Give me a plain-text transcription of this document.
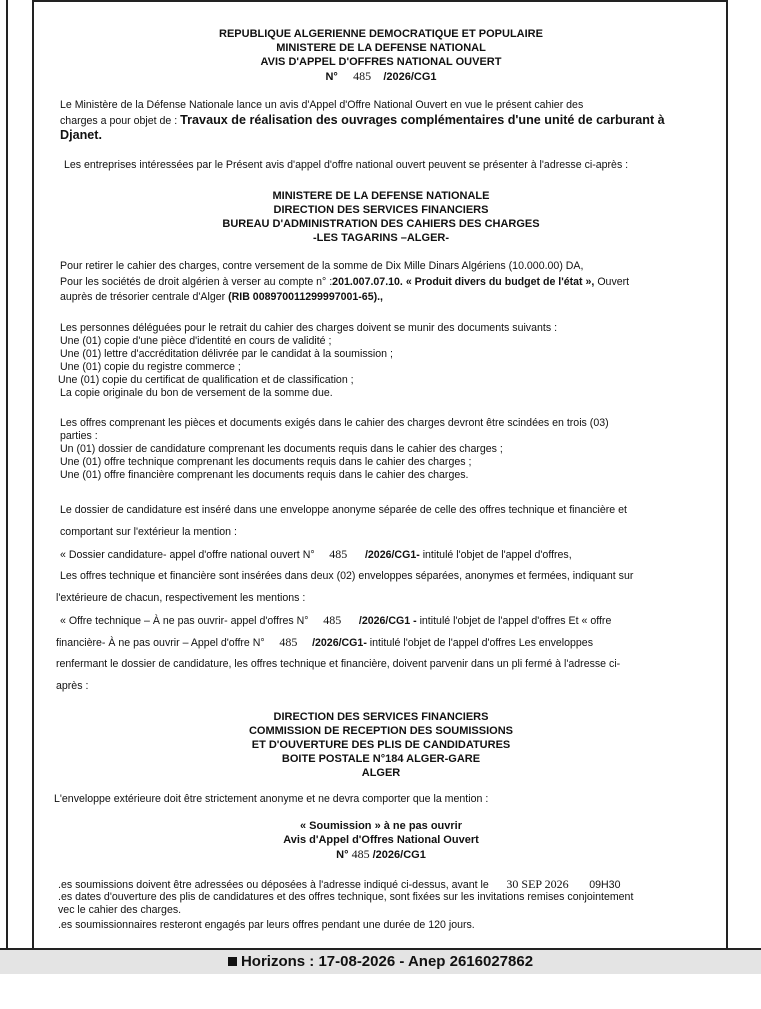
REPUBLIQUE ALGERIENNE DEMOCRATIQUE ET POPULAIRE
MINISTERE DE LA DEFENSE NATIONAL
AVIS D'APPEL D'OFFRES NATIONAL OUVERT
N° 485 /2026/CG1
Le Ministère de la Défense Nationale lance un avis d'Appel d'Offre National Ouvert en vue le présent cahier des
charges a pour objet de : Travaux de réalisation des ouvrages complémentaires d'une unité de carburant à
Djanet.
Les entreprises intéressées par le Présent avis d'appel d'offre national ouvert peuvent se présenter à l'adresse ci-après :
MINISTERE DE LA DEFENSE NATIONALE
DIRECTION DES SERVICES FINANCIERS
BUREAU D'ADMINISTRATION DES CAHIERS DES CHARGES
-LES TAGARINS –ALGER-
Pour retirer le cahier des charges, contre versement de la somme de Dix Mille Dinars Algériens (10.000.00) DA,
Pour les sociétés de droit algérien à verser au compte n° :201.007.07.10. « Produit divers du budget de l'état », Ouvert
auprès de trésorier centrale d'Alger (RIB 008970011299997001-65).,
Les personnes déléguées pour le retrait du cahier des charges doivent se munir des documents suivants :
Une (01) copie d'une pièce d'identité en cours de validité ;
Une (01) lettre d'accréditation délivrée par le candidat à la soumission ;
Une (01) copie du registre commerce ;
Une (01) copie du certificat de qualification et de classification ;
La copie originale du bon de versement de la somme due.
Les offres comprenant les pièces et documents exigés dans le cahier des charges devront être scindées en trois (03)
parties :
Un (01) dossier de candidature comprenant les documents requis dans le cahier des charges ;
Une (01) offre technique comprenant les documents requis dans le cahier des charges ;
Une (01) offre financière comprenant les documents requis dans le cahier des charges.
Le dossier de candidature est inséré dans une enveloppe anonyme séparée de celle des offres technique et financière et
comportant sur l'extérieur la mention :
« Dossier candidature- appel d'offre national ouvert N° 485 /2026/CG1- intitulé l'objet de l'appel d'offres,
Les offres technique et financière sont insérées dans deux (02) enveloppes séparées, anonymes et fermées, indiquant sur
l'extérieure de chacun, respectivement les mentions :
« Offre technique – À ne pas ouvrir- appel d'offres N° 485 /2026/CG1 - intitulé l'objet de l'appel d'offres Et « offre
financière- À ne pas ouvrir – Appel d'offre N° 485 /2026/CG1- intitulé l'objet de l'appel d'offres Les enveloppes
renfermant le dossier de candidature, les offres technique et financière, doivent parvenir dans un pli fermé à l'adresse ci-
après :
DIRECTION DES SERVICES FINANCIERS
COMMISSION DE RECEPTION DES SOUMISSIONS
ET D'OUVERTURE DES PLIS DE CANDIDATURES
BOITE POSTALE N°184 ALGER-GARE
ALGER
L'enveloppe extérieure doit être strictement anonyme et ne devra comporter que la mention :
« Soumission » à ne pas ouvrir
Avis d'Appel d'Offres National Ouvert
N° 485 /2026/CG1
.es soumissions doivent être adressées ou déposées à l'adresse indiqué ci-dessus, avant le 30 SEP 2026 09H30
.es dates d'ouverture des plis de candidatures et des offres technique, sont fixées sur les invitations remises conjointement
vec le cahier des charges.
.es soumissionnaires resteront engagés par leurs offres pendant une durée de 120 jours.
Horizons : 17-08-2026 - Anep 2616027862
